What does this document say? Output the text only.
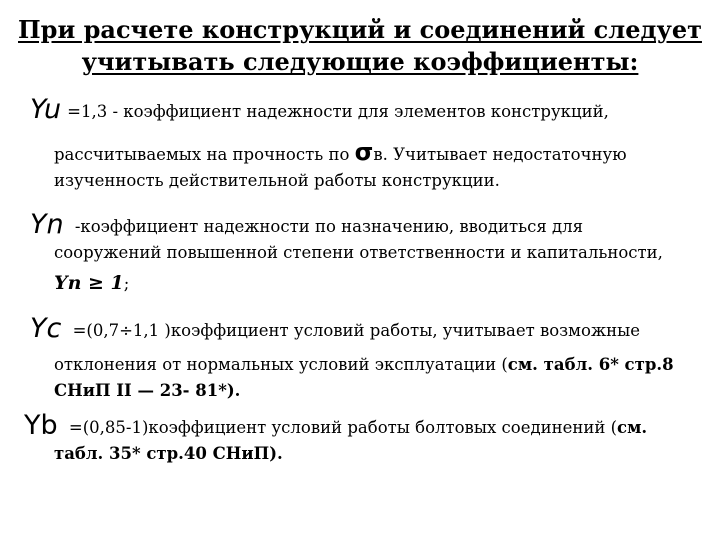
При расчете конструкций и соединений следует
учитывать следующие коэффициенты:
Yu =1,3 - коэффициент надежности для элементов конструкций,
рассчитываемых на прочность по σв. Учитывает недостаточную
изученность действительной работы конструкции.
Yn -коэффициент надежности по назначению, вводиться для
сооружений повышенной степени ответственности и капитальности,
Yn ≥ 1;
Yc =(0,7÷1,1 )коэффициент условий работы, учитывает возможные
отклонения от нормальных условий эксплуатации (см. табл. 6* стр.8
СНиП II — 23- 81*).
Yb =(0,85-1)коэффициент условий работы болтовых соединений (см.
табл. 35* стр.40 СНиП).
